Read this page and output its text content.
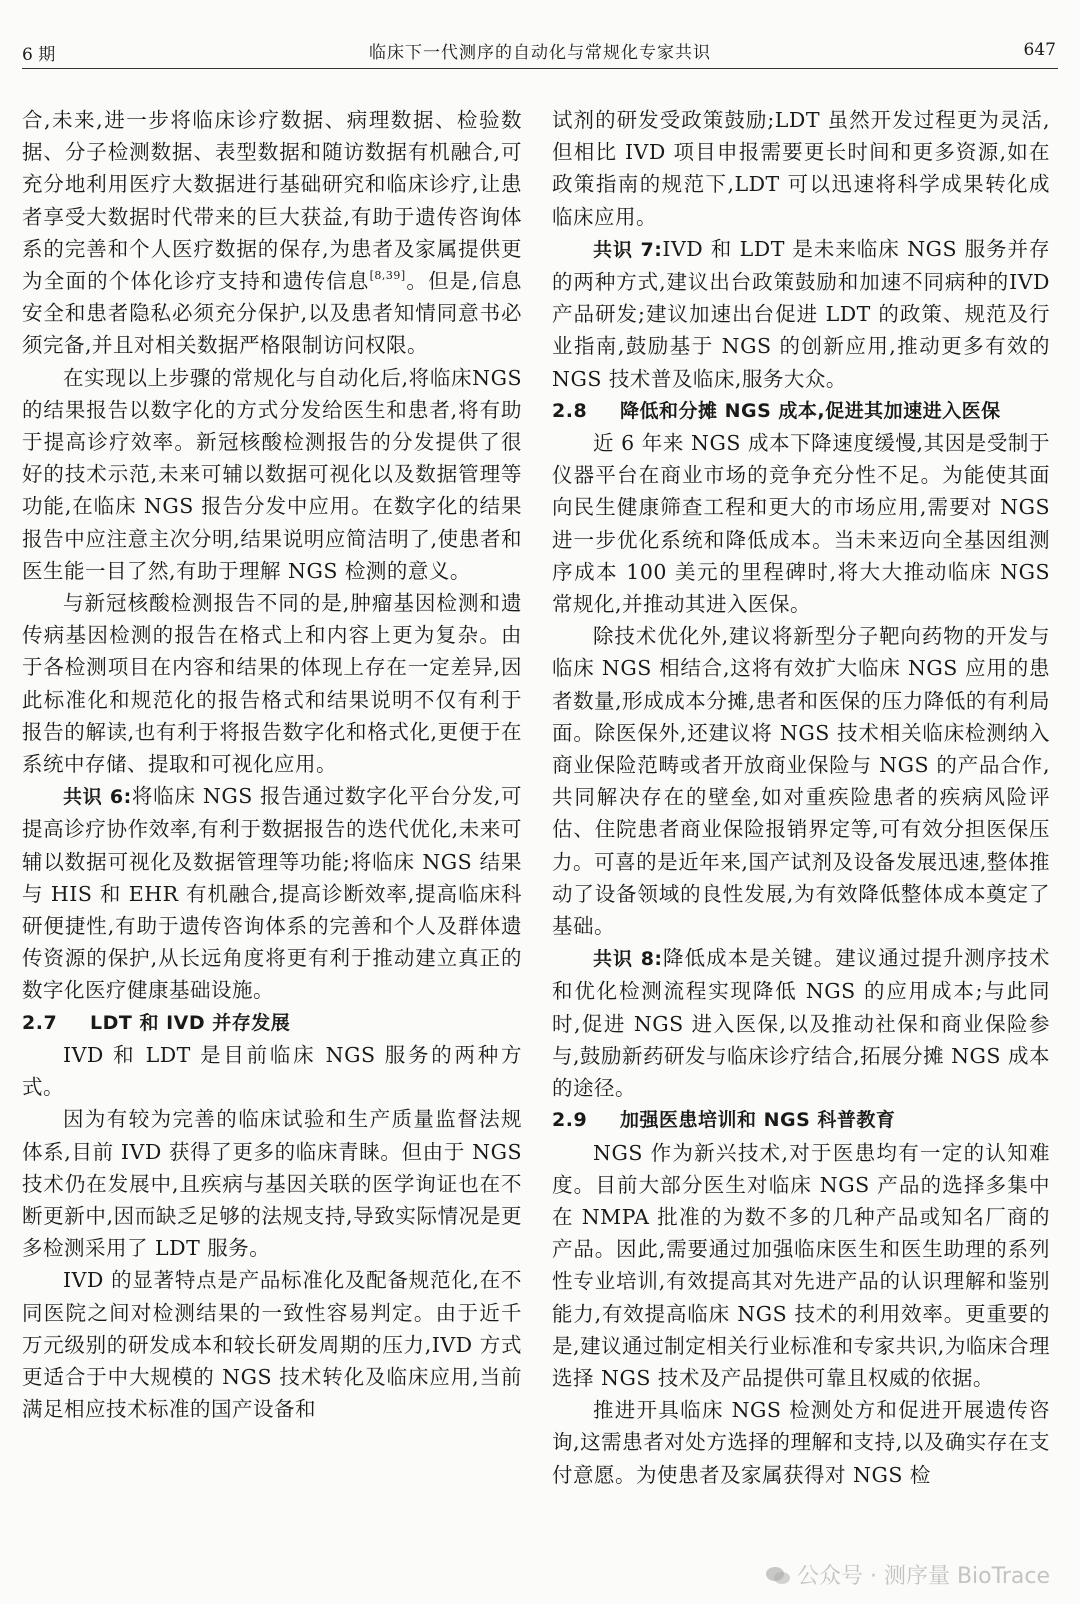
6 期	临床下一代测序的自动化与常规化专家共识	647

合,未来,进一步将临床诊疗数据、病理数据、检验数据、分子检测数据、表型数据和随访数据有机融合,可充分地利用医疗大数据进行基础研究和临床诊疗,让患者享受大数据时代带来的巨大获益,有助于遗传咨询体系的完善和个人医疗数据的保存,为患者及家属提供更为全面的个体化诊疗支持和遗传信息[8,39]。但是,信息安全和患者隐私必须充分保护,以及患者知情同意书必须完备,并且对相关数据严格限制访问权限。

在实现以上步骤的常规化与自动化后,将临床NGS 的结果报告以数字化的方式分发给医生和患者,将有助于提高诊疗效率。新冠核酸检测报告的分发提供了很好的技术示范,未来可辅以数据可视化以及数据管理等功能,在临床 NGS 报告分发中应用。在数字化的结果报告中应注意主次分明,结果说明应简洁明了,使患者和医生能一目了然,有助于理解 NGS 检测的意义。

与新冠核酸检测报告不同的是,肿瘤基因检测和遗传病基因检测的报告在格式上和内容上更为复杂。由于各检测项目在内容和结果的体现上存在一定差异,因此标准化和规范化的报告格式和结果说明不仅有利于报告的解读,也有利于将报告数字化和格式化,更便于在系统中存储、提取和可视化应用。

共识 6:将临床 NGS 报告通过数字化平台分发,可提高诊疗协作效率,有利于数据报告的迭代优化,未来可辅以数据可视化及数据管理等功能;将临床 NGS 结果与 HIS 和 EHR 有机融合,提高诊断效率,提高临床科研便捷性,有助于遗传咨询体系的完善和个人及群体遗传资源的保护,从长远角度将更有利于推动建立真正的数字化医疗健康基础设施。

2.7 LDT 和 IVD 并存发展

IVD 和 LDT 是目前临床 NGS 服务的两种方式。

因为有较为完善的临床试验和生产质量监督法规体系,目前 IVD 获得了更多的临床青睐。但由于 NGS 技术仍在发展中,且疾病与基因关联的医学询证也在不断更新中,因而缺乏足够的法规支持,导致实际情况是更多检测采用了 LDT 服务。

IVD 的显著特点是产品标准化及配备规范化,在不同医院之间对检测结果的一致性容易判定。由于近千万元级别的研发成本和较长研发周期的压力,IVD 方式更适合于中大规模的 NGS 技术转化及临床应用,当前满足相应技术标准的国产设备和

试剂的研发受政策鼓励;LDT 虽然开发过程更为灵活,但相比 IVD 项目申报需要更长时间和更多资源,如在政策指南的规范下,LDT 可以迅速将科学成果转化成临床应用。

共识 7:IVD 和 LDT 是未来临床 NGS 服务并存的两种方式,建议出台政策鼓励和加速不同病种的IVD 产品研发;建议加速出台促进 LDT 的政策、规范及行业指南,鼓励基于 NGS 的创新应用,推动更多有效的 NGS 技术普及临床,服务大众。

2.8 降低和分摊 NGS 成本,促进其加速进入医保

近 6 年来 NGS 成本下降速度缓慢,其因是受制于仪器平台在商业市场的竞争充分性不足。为能使其面向民生健康筛查工程和更大的市场应用,需要对 NGS 进一步优化系统和降低成本。当未来迈向全基因组测序成本 100 美元的里程碑时,将大大推动临床 NGS 常规化,并推动其进入医保。

除技术优化外,建议将新型分子靶向药物的开发与临床 NGS 相结合,这将有效扩大临床 NGS 应用的患者数量,形成成本分摊,患者和医保的压力降低的有利局面。除医保外,还建议将 NGS 技术相关临床检测纳入商业保险范畴或者开放商业保险与 NGS 的产品合作,共同解决存在的壁垒,如对重疾险患者的疾病风险评估、住院患者商业保险报销界定等,可有效分担医保压力。可喜的是近年来,国产试剂及设备发展迅速,整体推动了设备领域的良性发展,为有效降低整体成本奠定了基础。

共识 8:降低成本是关键。建议通过提升测序技术和优化检测流程实现降低 NGS 的应用成本;与此同时,促进 NGS 进入医保,以及推动社保和商业保险参与,鼓励新药研发与临床诊疗结合,拓展分摊 NGS 成本的途径。

2.9 加强医患培训和 NGS 科普教育

NGS 作为新兴技术,对于医患均有一定的认知难度。目前大部分医生对临床 NGS 产品的选择多集中在 NMPA 批准的为数不多的几种产品或知名厂商的产品。因此,需要通过加强临床医生和医生助理的系列性专业培训,有效提高其对先进产品的认识理解和鉴别能力,有效提高临床 NGS 技术的利用效率。更重要的是,建议通过制定相关行业标准和专家共识,为临床合理选择 NGS 技术及产品提供可靠且权威的依据。

推进开具临床 NGS 检测处方和促进开展遗传咨询,这需患者对处方选择的理解和支持,以及确实存在支付意愿。为使患者及家属获得对 NGS 检

公众号 · 测序量 BioTrace
